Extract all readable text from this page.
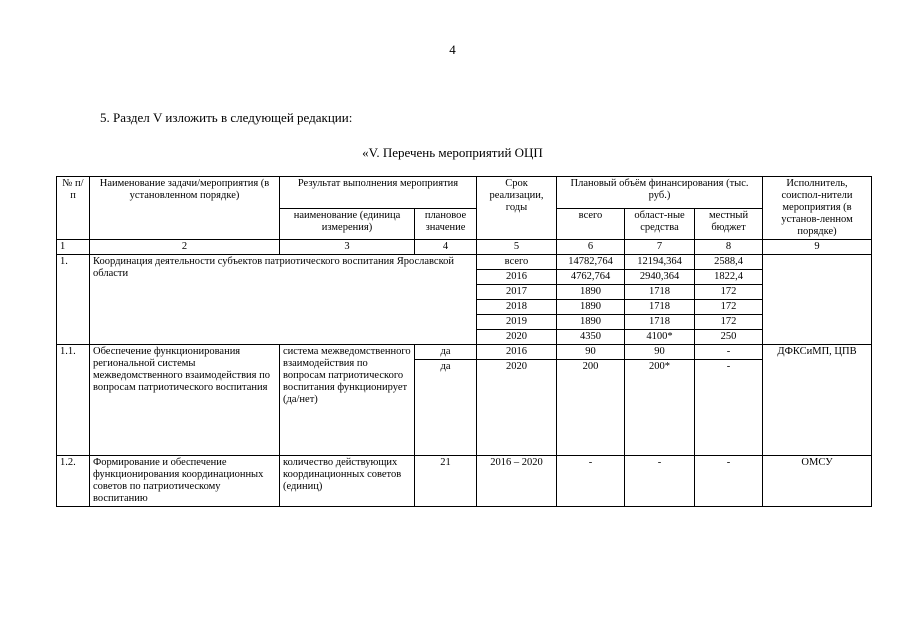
4
5. Раздел V изложить в следующей редакции:
«V. Перечень мероприятий ОЦП
№ п/п	Наименование задачи/мероприятия (в установленном порядке)	Результат выполнения мероприятия		Срок реализации, годы	Плановый объём финансирования (тыс. руб.)			Исполнитель, соиспол-нители мероприятия (в установ-ленном порядке)
		наименование (единица измерения)	плановое значение		всего	област-ные средства	местный бюджет	
1	2	3	4	5	6	7	8	9
1.	Координация деятельности субъектов патриотического воспитания Ярославской области			всего	14782,764	12194,364	2588,4	
				2016	4762,764	2940,364	1822,4	
				2017	1890	1718	172	
				2018	1890	1718	172	
				2019	1890	1718	172	
				2020	4350	4100*	250	
1.1.	Обеспечение функционирования региональной системы межведомственного взаимодействия по вопросам патриотического воспитания	система межведомственного взаимодействия по вопросам патриотического воспитания функционирует (да/нет)	да	2016	90	90	-	ДФКСиМП, ЦПВ
			да	2020	200	200*	-	
1.2.	Формирование и обеспечение функционирования координационных советов по патриотическому воспитанию	количество действующих координационных советов (единиц)	21	2016 – 2020	-	-	-	ОМСУ
